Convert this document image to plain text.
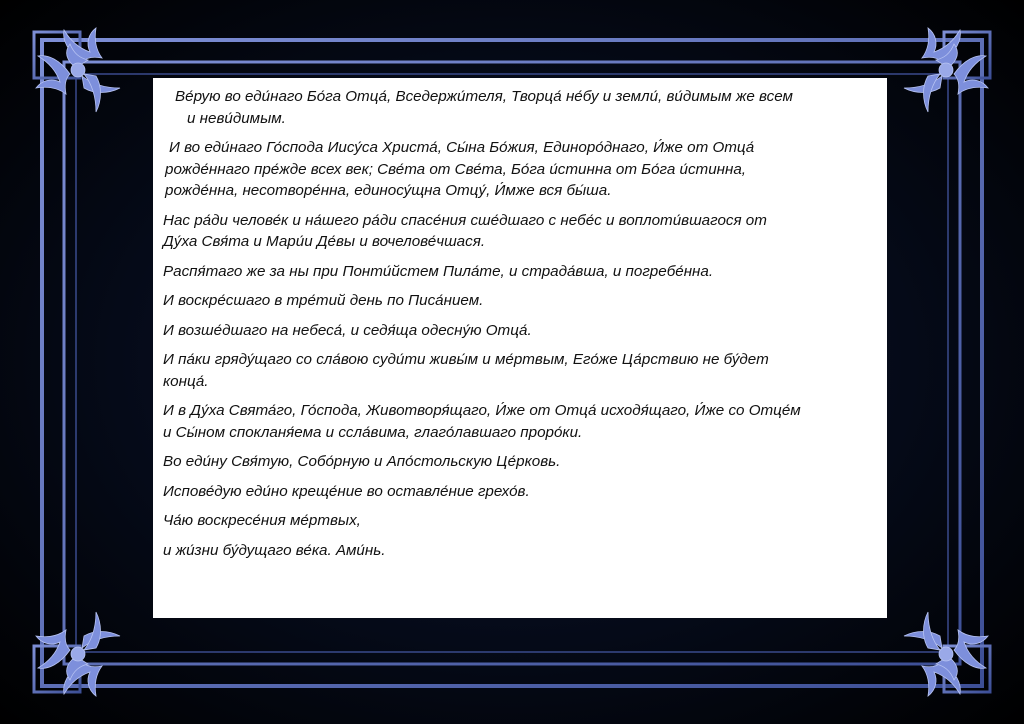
Ве́рую во еди́наго Бо́га Отца́, Вседержи́теля, Творца́ не́бу и земли́, ви́димым же всем
и неви́димым.

И во еди́наго Го́спода Иису́са Христа́, Сы́на Бо́жия, Единоро́днаго, И́же от Отца́
рожде́ннаго пре́жде всех век; Све́та от Све́та, Бо́га и́стинна от Бо́га и́стинна,
рожде́нна, несотворе́нна, единосу́щна Отцу́, И́мже вся бы́ша.

Нас ра́ди челове́к и на́шего ра́ди спасе́ния сше́дшаго с небе́с и воплоти́вшагося от
Ду́ха Свя́та и Мари́и Де́вы и вочелове́чшася.

Распя́таго же за ны при Понти́йстем Пила́те, и страда́вша, и погребе́нна.

И воскре́сшаго в тре́тий день по Писа́нием.

И возше́дшаго на небеса́, и седя́ща одесну́ю Отца́.

И па́ки гряду́щаго со сла́вою суди́ти живы́м и ме́ртвым, Его́же Ца́рствию не бу́дет
конца́.

И в Ду́ха Свята́го, Го́спода, Животворя́щаго, И́же от Отца́ исходя́щаго, И́же со Отце́м
и Сы́ном спокланя́ема и ссла́вима, глаго́лавшаго проро́ки.

Во еди́ну Свя́тую, Собо́рную и Апо́стольскую Це́рковь.

Испове́дую еди́но креще́ние во оставле́ние грехо́в.

Ча́ю воскресе́ния ме́ртвых,

и жи́зни бу́дущаго ве́ка. Ами́нь.
